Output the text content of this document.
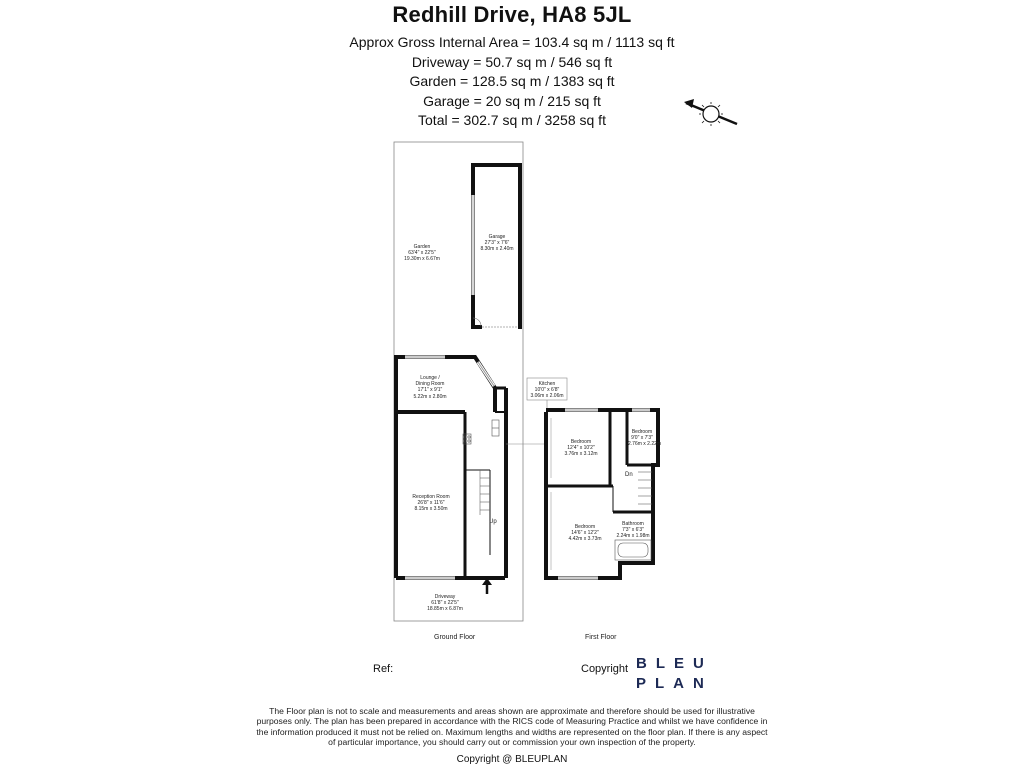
Redhill Drive, HA8 5JL
Approx Gross Internal Area = 103.4 sq m / 1113 sq ft
Driveway = 50.7 sq m / 546 sq ft
Garden = 128.5 sq m / 1383 sq ft
Garage = 20 sq m / 215 sq ft
Total = 302.7 sq m / 3258 sq ft
Garden
63'4" x 22'5"
19.30m x 6.67m
Garage
27'3" x 7'6"
8.30m x 2.40m
Lounge /
Dining Room
17'1" x 9'1"
5.22m x 2.80m
Kitchen
10'0" x 6'8"
3.06m x 2.06m
Reception Room
26'8" x 11'6"
8.15m x 3.50m
Driveway
61'8" x 22'5"
18.85m x 6.87m
Up
Bedroom
12'4" x 10'2"
3.76m x 3.12m
Bedroom
9'0" x 7'3"
2.76m x 2.22m
Bedroom
14'6" x 12'2"
4.42m x 3.73m
Bathroom
7'3" x 6'3"
2.24m x 1.98m
Dn
Ground Floor	First Floor
Ref:	Copyright BLEU
PLAN
The Floor plan is not to scale and measurements and areas shown are approximate and therefore should be used for illustrative purposes only. The plan has been prepared in accordance with the RICS code of Measuring Practice and whilst we have confidence in the information produced it must not be relied on. Maximum lengths and widths are represented on the floor plan. If there is any aspect of particular importance, you should carry out or commission your own inspection of the property.
Copyright @ BLEUPLAN
